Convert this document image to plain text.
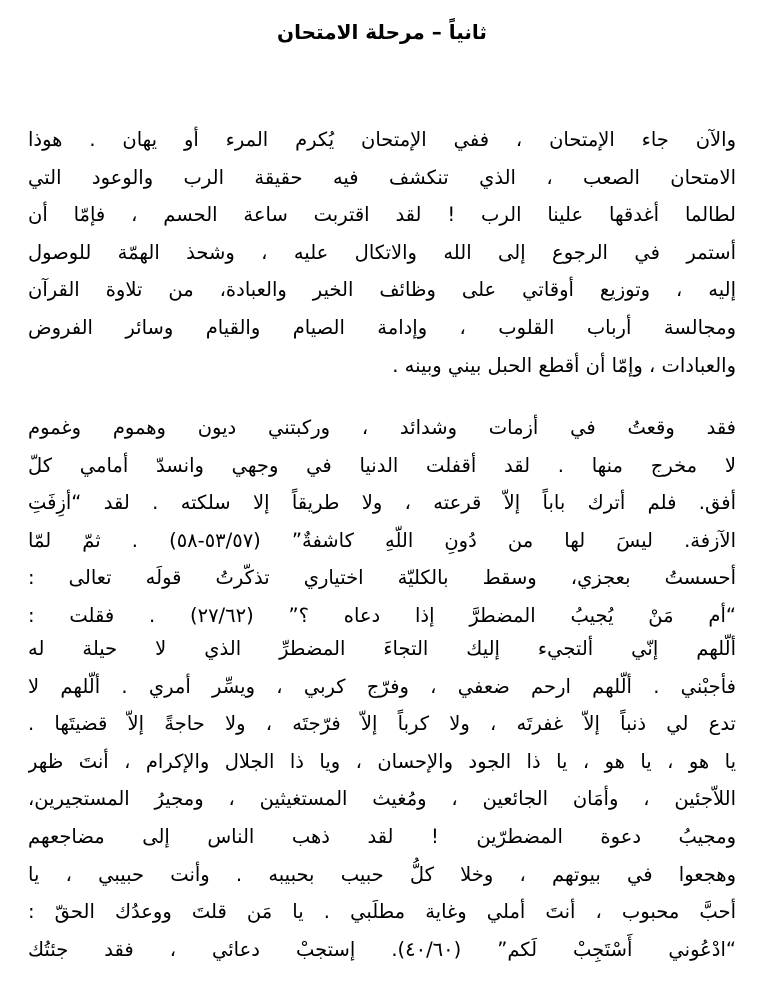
ثانياً – مرحلة الامتحان
والآن جاء الإمتحان ، ففي الإمتحان يُكرم المرء أو يهان . هوذا
الامتحان الصعب ، الذي تنكشف فيه حقيقة الرب والوعود التي
لطالما أغدقها علينا الرب ! لقد اقتربت ساعة الحسم ، فإمّا أن
أستمر في الرجوع إلى الله والاتكال عليه ، وشحذ الهمّة للوصول
إليه ، وتوزيع أوقاتي على وظائف الخير والعبادة، من تلاوة القرآن
ومجالسة أرباب القلوب ، وإدامة الصيام والقيام وسائر الفروض
والعبادات ، وإمّا أن أقطع الحبل بيني وبينه .
فقد وقعتُ في أزمات وشدائد ، وركبتني ديون وهموم وغموم
لا مخرج منها . لقد أقفلت الدنيا في وجهي وانسدّ أمامي كلّ
أفق. فلم أترك باباً إلاّ قرعته ، ولا طريقاً إلا سلكته . لقد “أزِفَتِ
الآزفة. ليسَ لها من دُونِ اللّهِ كاشفةٌ” (٥٣/٥٧-٥٨) . ثمّ لمّا
أحسستُ بعجزي، وسقط بالكليّة اختياري تذكّرتُ قولَه تعالى :
“أم مَنْ يُجيبُ المضطرَّ إذا دعاه ؟” (٢٧/٦٢) . فقلت :
ألّلهم إنّي ألتجيء إليك التجاءَ المضطرِّ الذي لا حيلة له
فأجبْني . ألّلهم ارحم ضعفي ، وفرّج كربي ، ويسِّر أمري . ألّلهم لا
تدع لي ذنباً إلاّ غفرتَه ، ولا كرباً إلاّ فرّجتَه ، ولا حاجةً إلاّ قضيتَها .
يا هو ، يا هو ، يا ذا الجود والإحسان ، ويا ذا الجلال والإكرام ، أنتَ ظهر
اللاّجئين ، وأمَان الجائعين ، ومُغيث المستغيثين ، ومجيرُ المستجيرين،
ومجيبُ دعوة المضطرّين ! لقد ذهب الناس إلى مضاجعهم
وهجعوا في بيوتهم ، وخلا كلُّ حبيب بحبيبه . وأنت حبيبي ، يا
أحبَّ محبوب ، أنتَ أملي وغاية مطلَبي . يا مَن قلتَ ووعدُك الحقّ :
“ادْعُوني أَسْتَجِبْ لَكم” (٤٠/٦٠). إستجبْ دعائي ، فقد جئتُك
